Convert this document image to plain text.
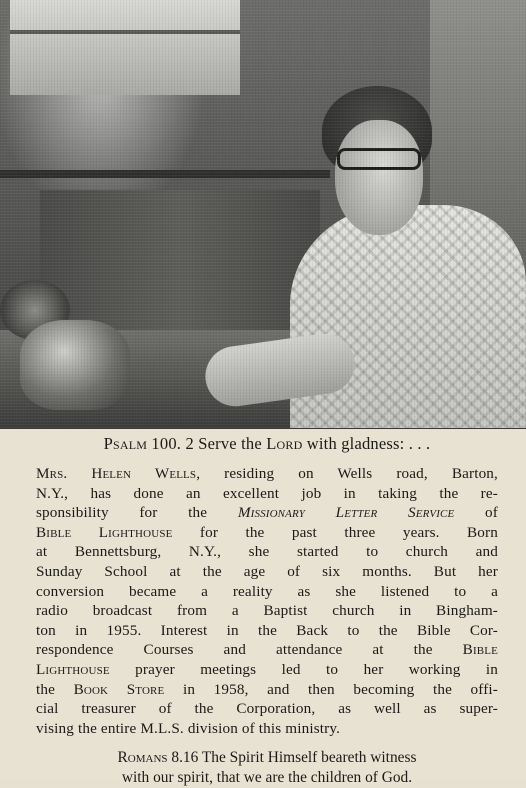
Psalm 100. 2 Serve the Lord with gladness: . . .

Mrs. Helen Wells, residing on Wells road, Barton,
N.Y., has done an excellent job in taking the re-
sponsibility for the Missionary Letter Service of
Bible Lighthouse for the past three years. Born
at Bennettsburg, N.Y., she started to church and
Sunday School at the age of six months. But her
conversion became a reality as she listened to a
radio broadcast from a Baptist church in Bingham-
ton in 1955. Interest in the Back to the Bible Cor-
respondence Courses and attendance at the Bible
Lighthouse prayer meetings led to her working in
the Book Store in 1958, and then becoming the offi-
cial treasurer of the Corporation, as well as super-
vising the entire M.L.S. division of this ministry.

Romans 8.16 The Spirit Himself beareth witness
with our spirit, that we are the children of God.
